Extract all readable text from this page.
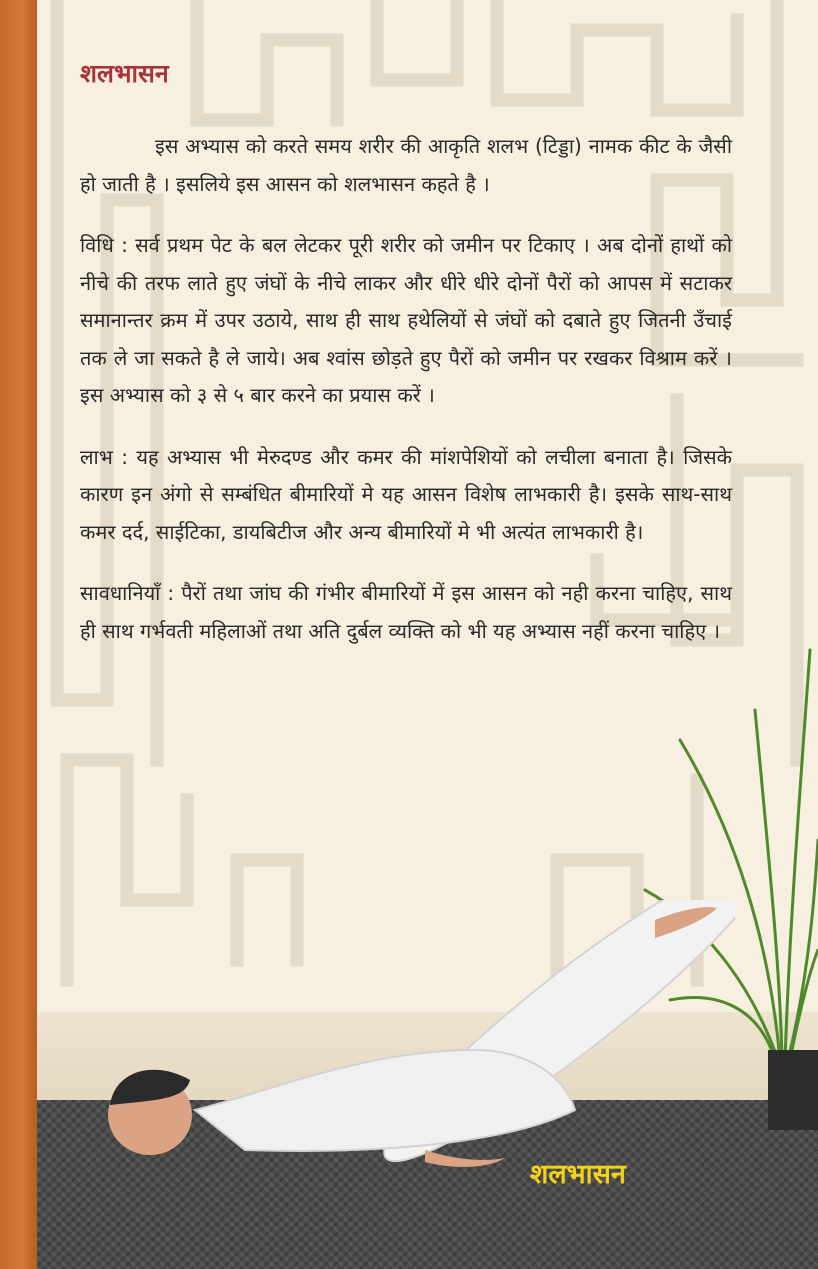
शलभासन

इस अभ्यास को करते समय शरीर की आकृति शलभ (टिड्डा) नामक कीट के जैसी हो जाती है । इसलिये इस आसन को शलभासन कहते है ।

विधि : सर्व प्रथम पेट के बल लेटकर पूरी शरीर को जमीन पर टिकाए । अब दोनों हाथों को नीचे की तरफ लाते हुए जंघों के नीचे लाकर और धीरे धीरे दोनों पैरों को आपस में सटाकर समानान्तर क्रम में उपर उठाये, साथ ही साथ हथेलियों से जंघों को दबाते हुए जितनी उँचाई तक ले जा सकते है ले जाये। अब श्वांस छोड़ते हुए पैरों को जमीन पर रखकर विश्राम करें । इस अभ्यास को ३ से ५ बार करने का प्रयास करें ।

लाभ : यह अभ्यास भी मेरुदण्ड और कमर की मांशपेशियों को लचीला बनाता है। जिसके कारण इन अंगो से सम्बंधित बीमारियों मे यह आसन विशेष लाभकारी है। इसके साथ-साथ कमर दर्द, साईटिका, डायबिटीज और अन्य बीमारियों मे भी अत्यंत लाभकारी है।

सावधानियाँ : पैरों तथा जांघ की गंभीर बीमारियों में इस आसन को नही करना चाहिए, साथ ही साथ गर्भवती महिलाओं तथा अति दुर्बल व्यक्ति को भी यह अभ्यास नहीं करना चाहिए ।

शलभासन
